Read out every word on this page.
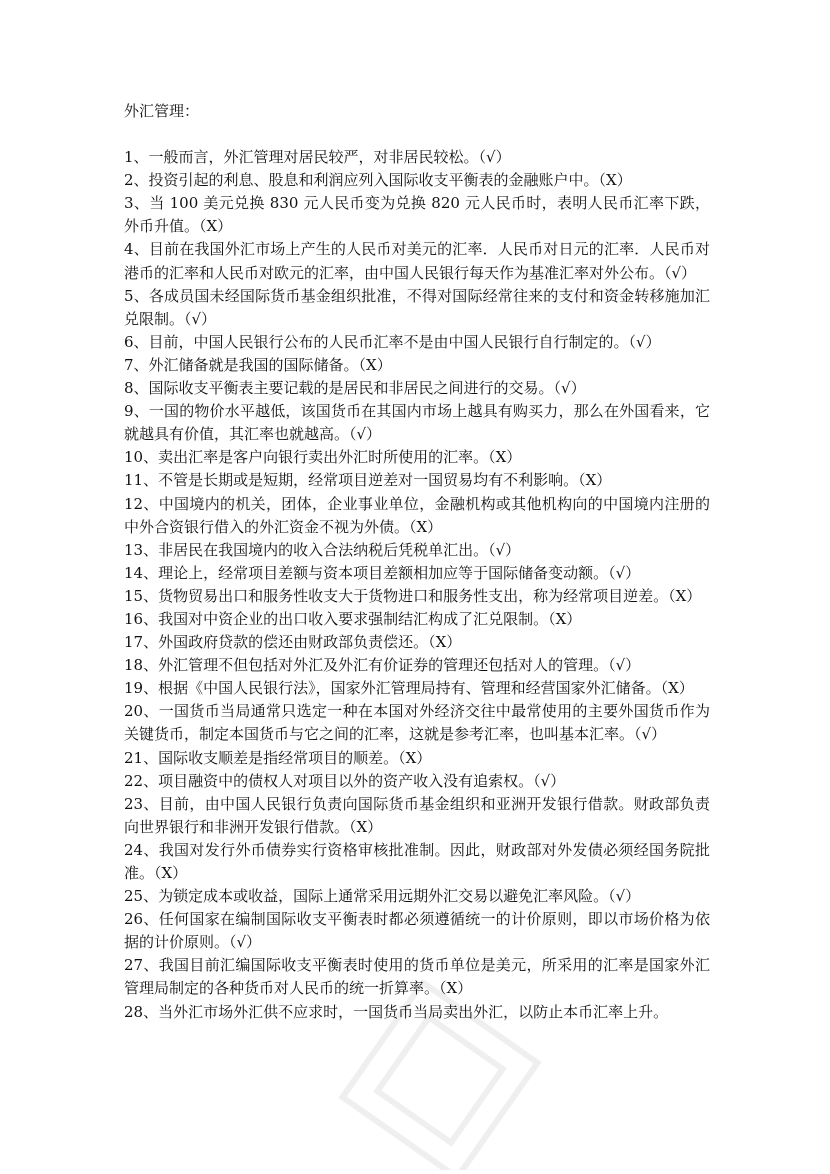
外汇管理：

1、一般而言，外汇管理对居民较严，对非居民较松。（√）

2、投资引起的利息、股息和利润应列入国际收支平衡表的金融账户中。（X）

3、当 100 美元兑换 830 元人民币变为兑换 820 元人民币时，表明人民币汇率下跌，外币升值。（X）

4、目前在我国外汇市场上产生的人民币对美元的汇率．人民币对日元的汇率．人民币对港币的汇率和人民币对欧元的汇率，由中国人民银行每天作为基准汇率对外公布。（√）

5、各成员国未经国际货币基金组织批准，不得对国际经常往来的支付和资金转移施加汇兑限制。（√）

6、目前，中国人民银行公布的人民币汇率不是由中国人民银行自行制定的。（√）

7、外汇储备就是我国的国际储备。（X）

8、国际收支平衡表主要记载的是居民和非居民之间进行的交易。（√）

9、一国的物价水平越低，该国货币在其国内市场上越具有购买力，那么在外国看来，它就越具有价值，其汇率也就越高。（√）

10、卖出汇率是客户向银行卖出外汇时所使用的汇率。（X）

11、不管是长期或是短期，经常项目逆差对一国贸易均有不利影响。（X）

12、中国境内的机关，团体，企业事业单位，金融机构或其他机构向的中国境内注册的中外合资银行借入的外汇资金不视为外债。（X）

13、非居民在我国境内的收入合法纳税后凭税单汇出。（√）

14、理论上，经常项目差额与资本项目差额相加应等于国际储备变动额。（√）

15、货物贸易出口和服务性收支大于货物进口和服务性支出，称为经常项目逆差。（X）

16、我国对中资企业的出口收入要求强制结汇构成了汇兑限制。（X）

17、外国政府贷款的偿还由财政部负责偿还。（X）

18、外汇管理不但包括对外汇及外汇有价证券的管理还包括对人的管理。（√）

19、根据《中国人民银行法》，国家外汇管理局持有、管理和经营国家外汇储备。（X）

20、一国货币当局通常只选定一种在本国对外经济交往中最常使用的主要外国货币作为关键货币，制定本国货币与它之间的汇率，这就是参考汇率，也叫基本汇率。（√）

21、国际收支顺差是指经常项目的顺差。（X）

22、项目融资中的债权人对项目以外的资产收入没有追索权。（√）

23、目前，由中国人民银行负责向国际货币基金组织和亚洲开发银行借款。财政部负责向世界银行和非洲开发银行借款。（X）

24、我国对发行外币债券实行资格审核批准制。因此，财政部对外发债必须经国务院批准。（X）

25、为锁定成本或收益，国际上通常采用远期外汇交易以避免汇率风险。（√）

26、任何国家在编制国际收支平衡表时都必须遵循统一的计价原则，即以市场价格为依据的计价原则。（√）

27、我国目前汇编国际收支平衡表时使用的货币单位是美元，所采用的汇率是国家外汇管理局制定的各种货币对人民币的统一折算率。（X）

28、当外汇市场外汇供不应求时，一国货币当局卖出外汇，以防止本币汇率上升。
